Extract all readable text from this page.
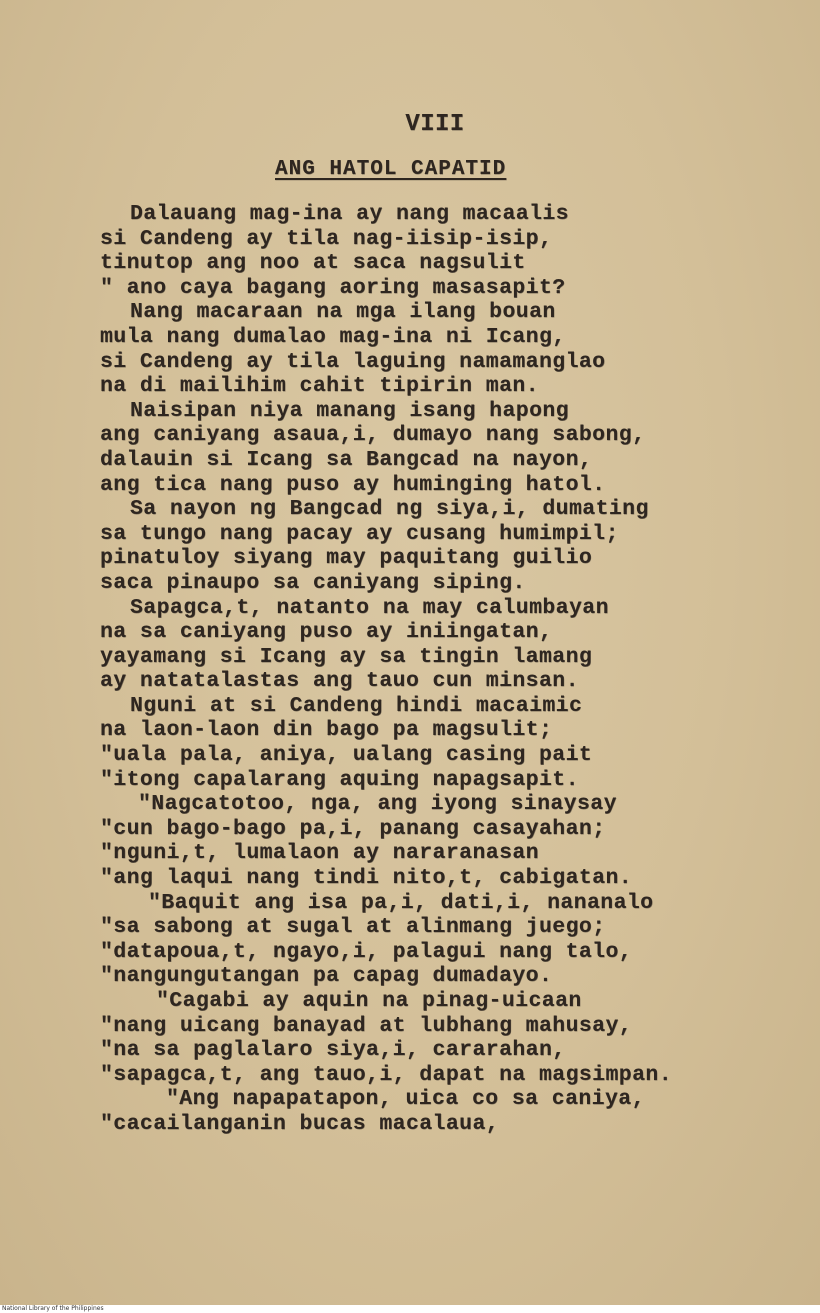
VIII
ANG HATOL CAPATID
Dalauang mag-ina ay nang macaalis
si Candeng ay tila nag-iisip-isip,
tinutop ang noo at saca nagsulit
" ano caya bagang aoring masasapit?
Nang macaraan na mga ilang bouan
mula nang dumalao mag-ina ni Icang,
si Candeng ay tila laguing namamanglao
na di mailihim cahit tipirin man.
Naisipan niya manang isang hapong
ang caniyang asaua,i, dumayo nang sabong,
dalauin si Icang sa Bangcad na nayon,
ang tica nang puso ay huminging hatol.
Sa nayon ng Bangcad ng siya,i, dumating
sa tungo nang pacay ay cusang humimpil;
pinatuloy siyang may paquitang guilio
saca pinaupo sa caniyang siping.
Sapagca,t, natanto na may calumbayan
na sa caniyang puso ay iniingatan,
yayamang si Icang ay sa tingin lamang
ay natatalastas ang tauo cun minsan.
Nguni at si Candeng hindi macaimic
na laon-laon din bago pa magsulit;
"uala pala, aniya, ualang casing pait
"itong capalarang aquing napagsapit.
"Nagcatotoo, nga, ang iyong sinaysay
"cun bago-bago pa,i, panang casayahan;
"nguni,t, lumalaon ay nararanasan
"ang laqui nang tindi nito,t, cabigatan.
"Baquit ang isa pa,i, dati,i, nananalo
"sa sabong at sugal at alinmang juego;
"datapoua,t, ngayo,i, palagui nang talo,
"nangungutangan pa capag dumadayo.
"Cagabi ay aquin na pinag-uicaan
"nang uicang banayad at lubhang mahusay,
"na sa paglalaro siya,i, cararahan,
"sapagca,t, ang tauo,i, dapat na magsimpan.
"Ang napapatapon, uica co sa caniya,
"cacailanganin bucas macalaua,
National Library of the Philippines
